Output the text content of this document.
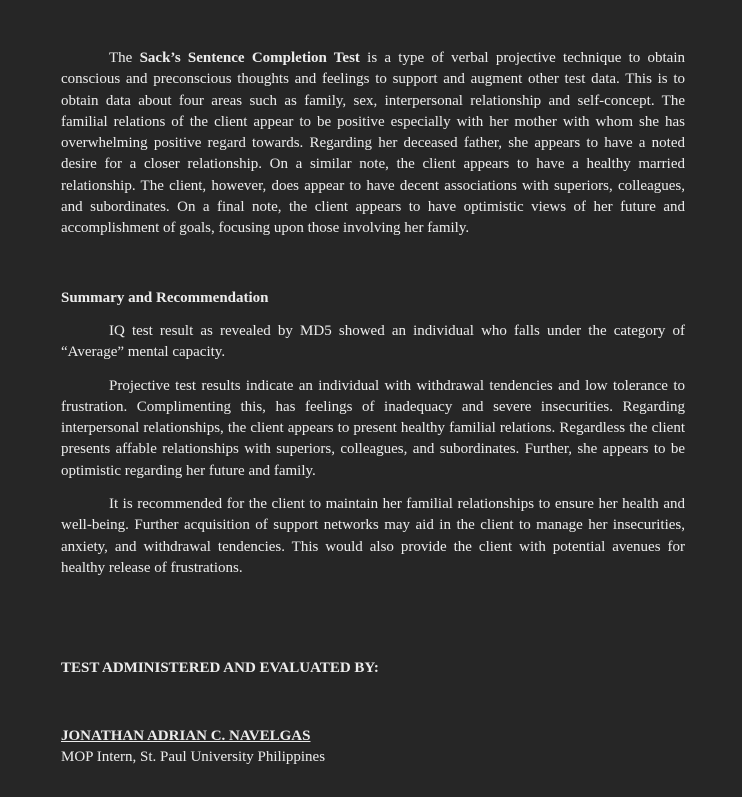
The Sack’s Sentence Completion Test is a type of verbal projective technique to obtain conscious and preconscious thoughts and feelings to support and augment other test data. This is to obtain data about four areas such as family, sex, interpersonal relationship and self-concept. The familial relations of the client appear to be positive especially with her mother with whom she has overwhelming positive regard towards. Regarding her deceased father, she appears to have a noted desire for a closer relationship. On a similar note, the client appears to have a healthy married relationship. The client, however, does appear to have decent associations with superiors, colleagues, and subordinates. On a final note, the client appears to have optimistic views of her future and accomplishment of goals, focusing upon those involving her family.

Summary and Recommendation

IQ test result as revealed by MD5 showed an individual who falls under the category of “Average” mental capacity.

Projective test results indicate an individual with withdrawal tendencies and low tolerance to frustration. Complimenting this, has feelings of inadequacy and severe insecurities. Regarding interpersonal relationships, the client appears to present healthy familial relations. Regardless the client presents affable relationships with superiors, colleagues, and subordinates. Further, she appears to be optimistic regarding her future and family.

It is recommended for the client to maintain her familial relationships to ensure her health and well-being. Further acquisition of support networks may aid in the client to manage her insecurities, anxiety, and withdrawal tendencies. This would also provide the client with potential avenues for healthy release of frustrations.

TEST ADMINISTERED AND EVALUATED BY:

JONATHAN ADRIAN C. NAVELGAS

MOP Intern, St. Paul University Philippines
